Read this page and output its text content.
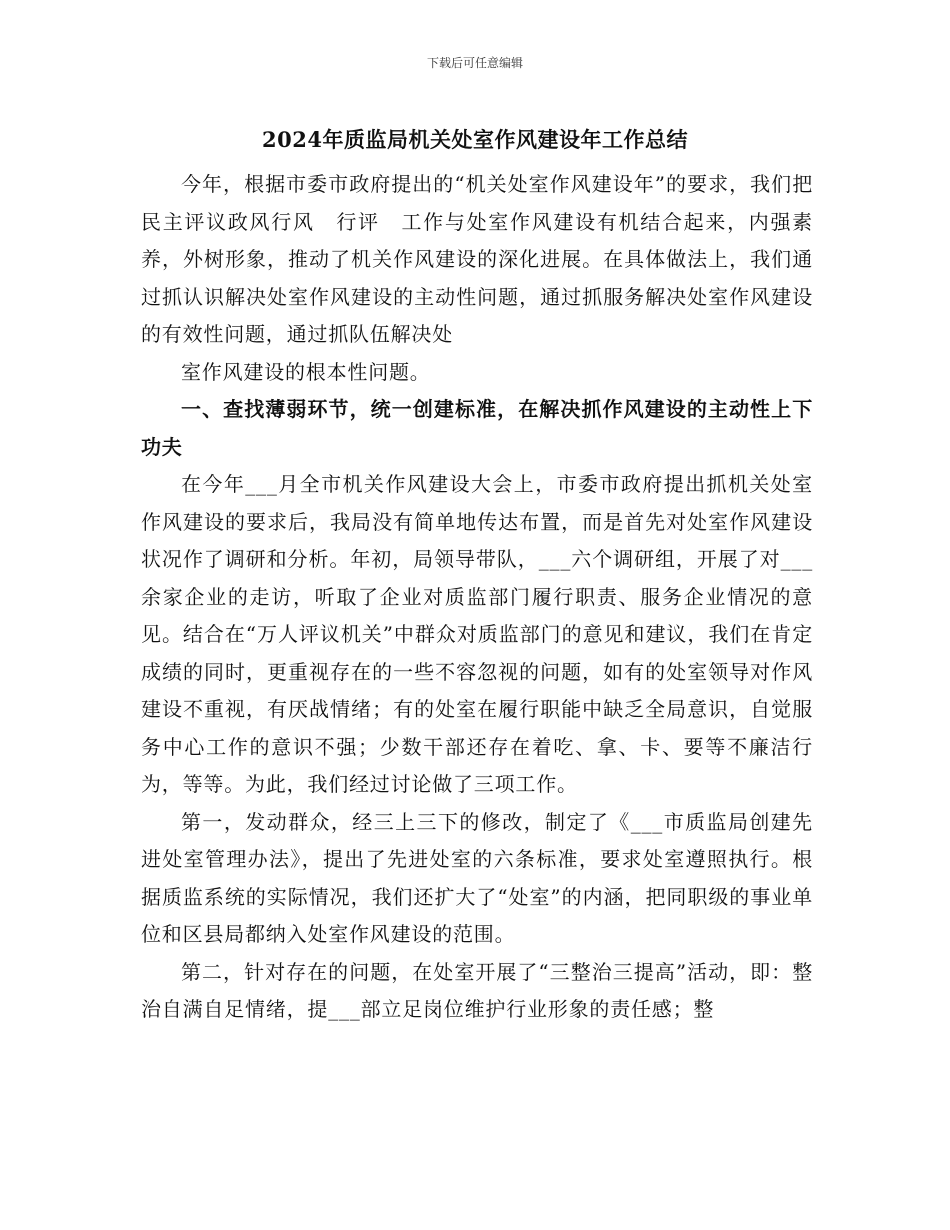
下载后可任意编辑
2024年质监局机关处室作风建设年工作总结

今年，根据市委市政府提出的“机关处室作风建设年”的要求，我们把民主评议政风行风　行评　工作与处室作风建设有机结合起来，内强素养，外树形象，推动了机关作风建设的深化进展。在具体做法上，我们通过抓认识解决处室作风建设的主动性问题，通过抓服务解决处室作风建设的有效性问题，通过抓队伍解决处

室作风建设的根本性问题。

一、查找薄弱环节，统一创建标准，在解决抓作风建设的主动性上下功夫

在今年___月全市机关作风建设大会上，市委市政府提出抓机关处室作风建设的要求后，我局没有简单地传达布置，而是首先对处室作风建设状况作了调研和分析。年初，局领导带队，___六个调研组，开展了对___余家企业的走访，听取了企业对质监部门履行职责、服务企业情况的意见。结合在“万人评议机关”中群众对质监部门的意见和建议，我们在肯定成绩的同时，更重视存在的一些不容忽视的问题，如有的处室领导对作风建设不重视，有厌战情绪；有的处室在履行职能中缺乏全局意识，自觉服务中心工作的意识不强；少数干部还存在着吃、拿、卡、要等不廉洁行为，等等。为此，我们经过讨论做了三项工作。

第一，发动群众，经三上三下的修改，制定了《___市质监局创建先进处室管理办法》，提出了先进处室的六条标准，要求处室遵照执行。根据质监系统的实际情况，我们还扩大了“处室”的内涵，把同职级的事业单位和区县局都纳入处室作风建设的范围。

第二，针对存在的问题，在处室开展了“三整治三提高”活动，即：整治自满自足情绪，提___部立足岗位维护行业形象的责任感；整
